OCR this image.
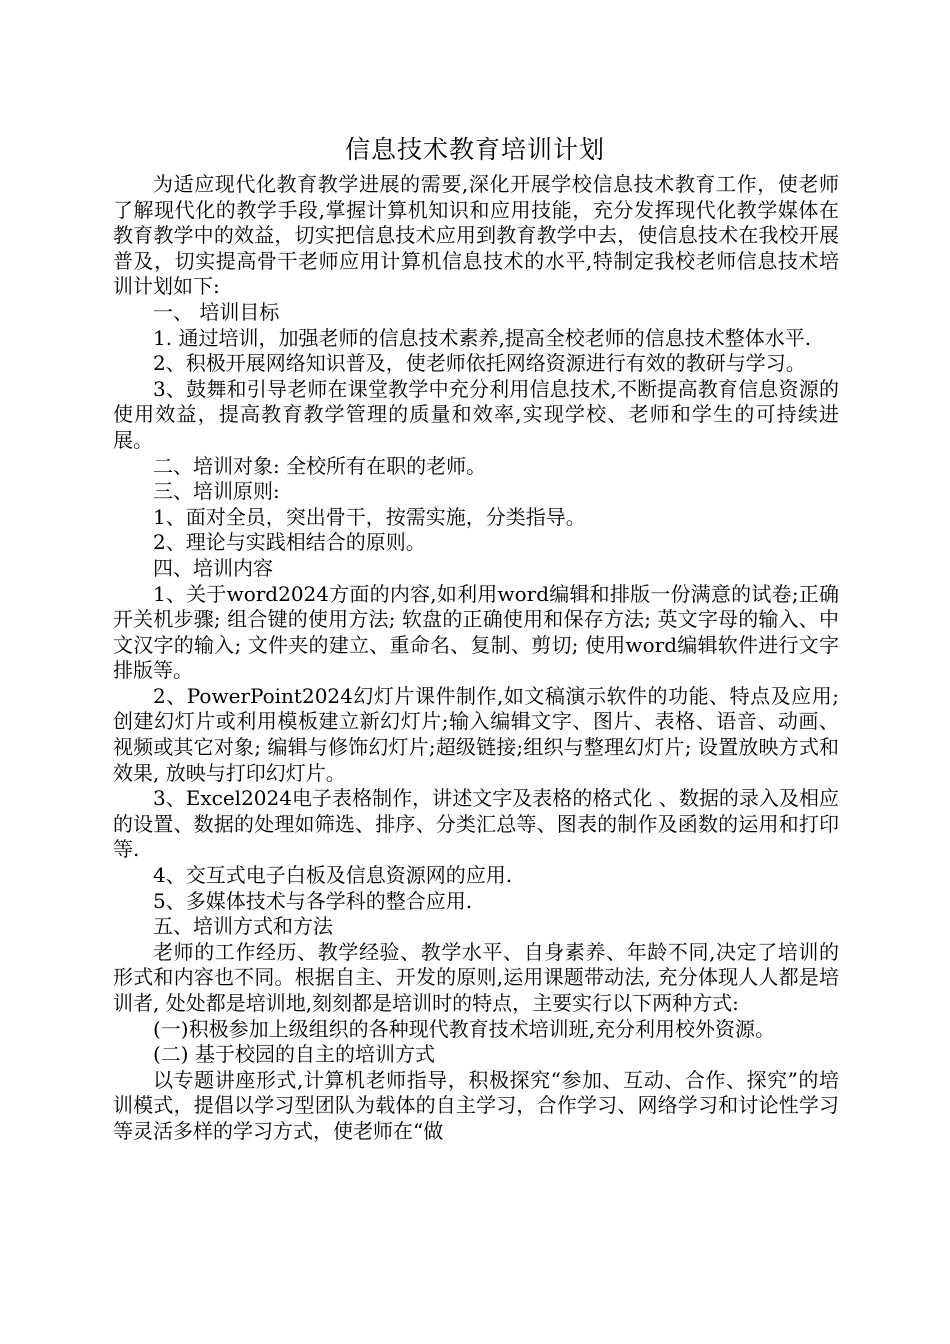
信息技术教育培训计划

为适应现代化教育教学进展的需要,深化开展学校信息技术教育工作，使老师了解现代化的教学手段,掌握计算机知识和应用技能，充分发挥现代化教学媒体在教育教学中的效益，切实把信息技术应用到教育教学中去，使信息技术在我校开展普及，切实提高骨干老师应用计算机信息技术的水平,特制定我校老师信息技术培训计划如下:

一、 培训目标

1. 通过培训，加强老师的信息技术素养,提高全校老师的信息技术整体水平.

2、积极开展网络知识普及，使老师依托网络资源进行有效的教研与学习。

3、鼓舞和引导老师在课堂教学中充分利用信息技术,不断提高教育信息资源的使用效益，提高教育教学管理的质量和效率,实现学校、老师和学生的可持续进展。

二、培训对象: 全校所有在职的老师。

三、培训原则:

1、面对全员，突出骨干，按需实施，分类指导。

2、理论与实践相结合的原则。

四、培训内容

1、关于word2024方面的内容,如利用word编辑和排版一份满意的试卷;正确开关机步骤; 组合键的使用方法; 软盘的正确使用和保存方法; 英文字母的输入、中文汉字的输入; 文件夹的建立、重命名、复制、剪切; 使用word编辑软件进行文字排版等。

2、PowerPoint2024幻灯片课件制作,如文稿演示软件的功能、特点及应用; 创建幻灯片或利用模板建立新幻灯片;输入编辑文字、图片、表格、语音、动画、视频或其它对象; 编辑与修饰幻灯片;超级链接;组织与整理幻灯片; 设置放映方式和效果, 放映与打印幻灯片。

3、Excel2024电子表格制作，讲述文字及表格的格式化 、数据的录入及相应的设置、数据的处理如筛选、排序、分类汇总等、图表的制作及函数的运用和打印等.

4、交互式电子白板及信息资源网的应用.

5、多媒体技术与各学科的整合应用.

五、培训方式和方法

老师的工作经历、教学经验、教学水平、自身素养、年龄不同,决定了培训的形式和内容也不同。根据自主、开发的原则,运用课题带动法, 充分体现人人都是培训者, 处处都是培训地,刻刻都是培训时的特点，主要实行以下两种方式:

(一)积极参加上级组织的各种现代教育技术培训班,充分利用校外资源。

(二) 基于校园的自主的培训方式

以专题讲座形式,计算机老师指导，积极探究“参加、互动、合作、探究”的培训模式，提倡以学习型团队为载体的自主学习，合作学习、网络学习和讨论性学习等灵活多样的学习方式，使老师在“做
